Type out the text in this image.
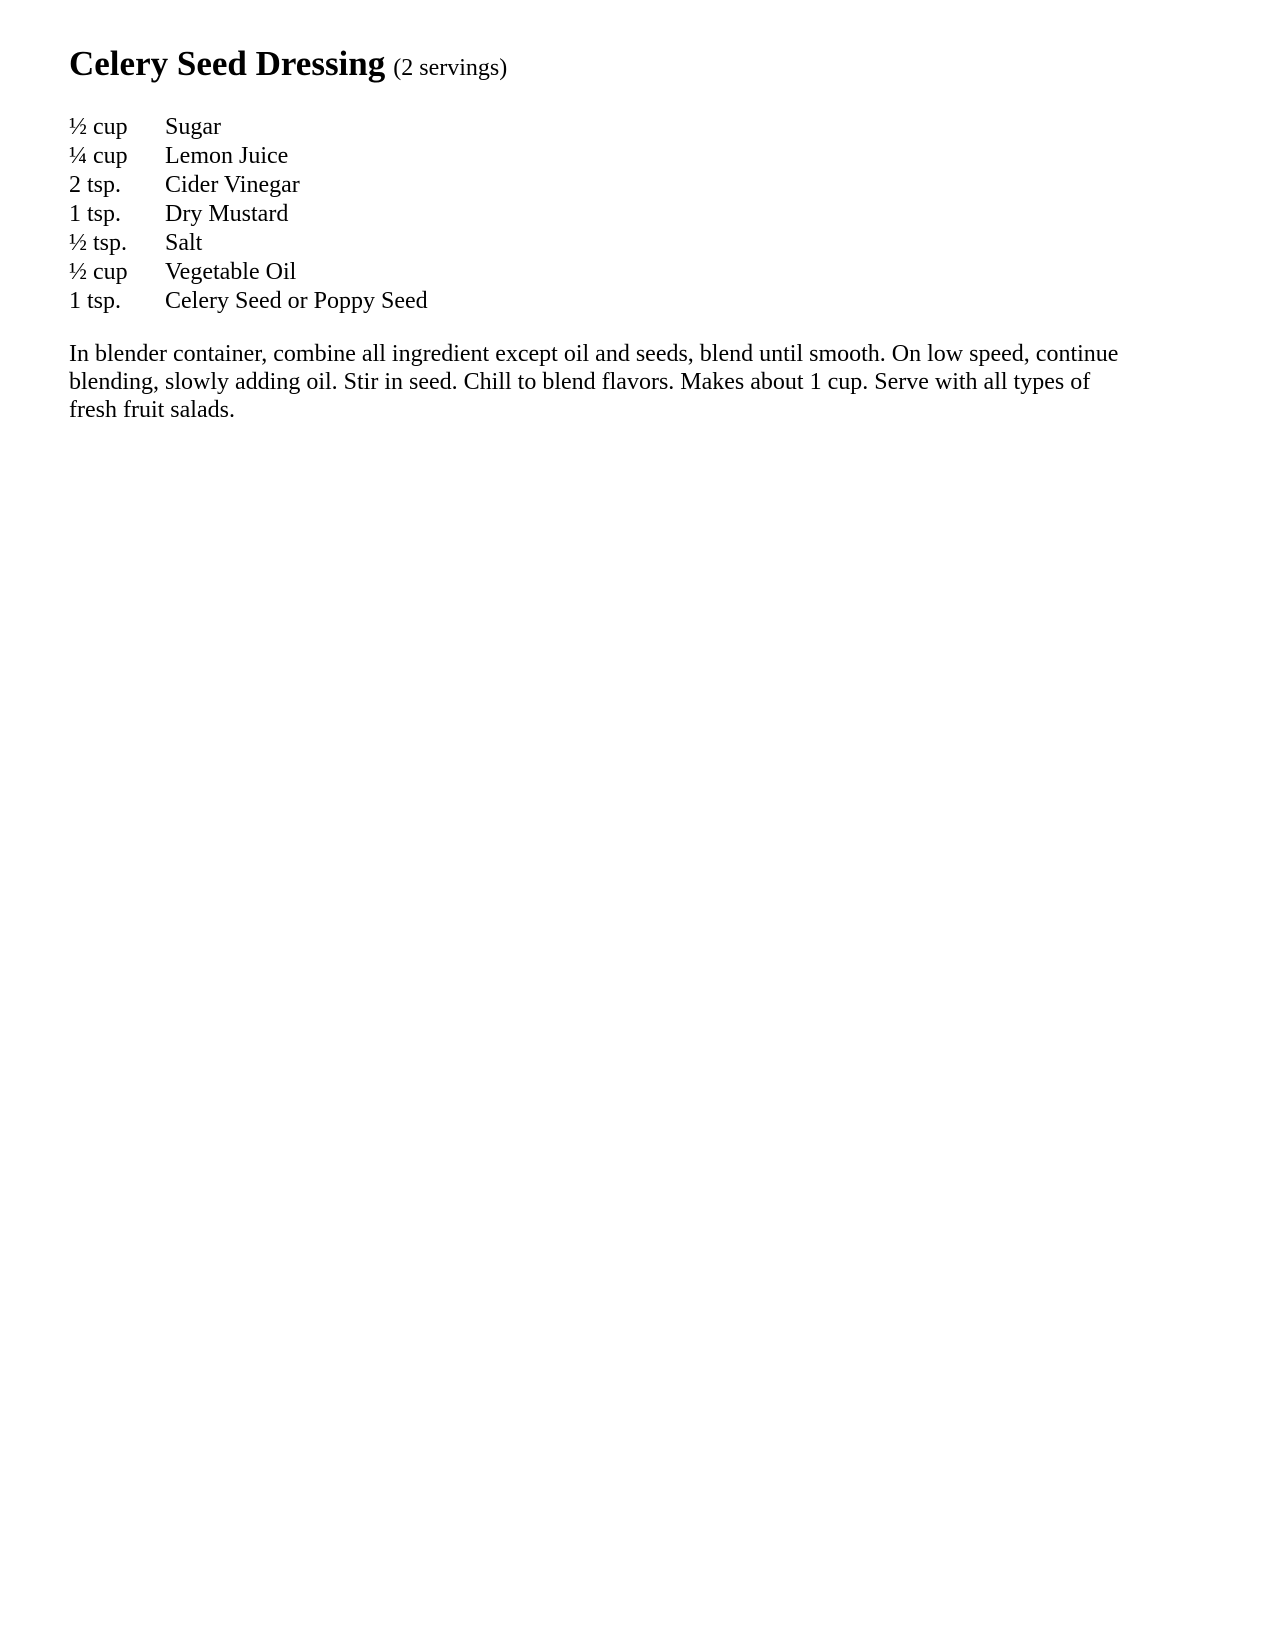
Celery Seed Dressing (2 servings)
½ cup	Sugar
¼ cup	Lemon Juice
2 tsp.	Cider Vinegar
1 tsp.	Dry Mustard
½ tsp.	Salt
½ cup	Vegetable Oil
1 tsp.	Celery Seed or Poppy Seed

In blender container, combine all ingredient except oil and seeds, blend until smooth. On low speed, continue blending, slowly adding oil. Stir in seed. Chill to blend flavors. Makes about 1 cup. Serve with all types of fresh fruit salads.
